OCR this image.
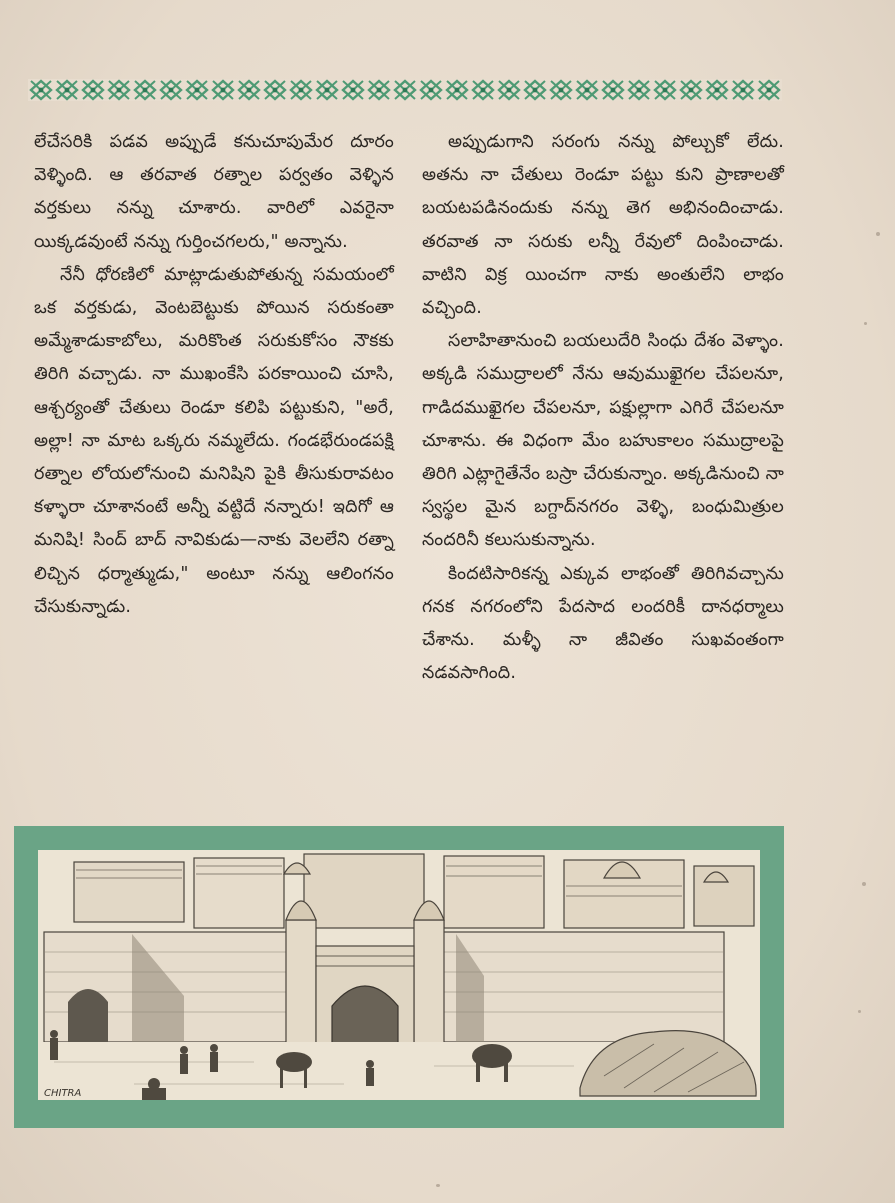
లేచేసరికి పడవ అప్పుడే కనుచూపుమేర దూరం వెళ్ళింది. ఆ తరవాత రత్నాల పర్వతం వెళ్ళిన వర్తకులు నన్ను చూశారు. వారిలో ఎవరైనా యిక్కడవుంటే నన్ను గుర్తించగలరు," అన్నాను.

నేనీ ధోరణిలో మాట్లాడుతుపోతున్న సమయంలో ఒక వర్తకుడు, వెంటబెట్టుకు పోయిన సరుకంతా అమ్మేశాడుకాబోలు, మరికొంత సరుకుకోసం నౌకకు తిరిగి వచ్చాడు. నా ముఖంకేసి పరకాయించి చూసి, ఆశ్చర్యంతో చేతులు రెండూ కలిపి పట్టుకుని, "అరే, అల్లా! నా మాట ఒక్కరు నమ్మలేదు. గండభేరుండపక్షి రత్నాల లోయలోనుంచి మనిషిని పైకి తీసుకురావటం కళ్ళారా చూశానంటే అన్నీ వట్టిదే నన్నారు! ఇదిగో ఆ మనిషి! సింద్ బాద్ నావికుడు—నాకు వెలలేని రత్నా లిచ్చిన ధర్మాత్ముడు," అంటూ నన్ను ఆలింగనం చేసుకున్నాడు.

అప్పుడుగాని సరంగు నన్ను పోల్చుకో లేదు. అతను నా చేతులు రెండూ పట్టు కుని ప్రాణాలతో బయటపడినందుకు నన్ను తెగ అభినందించాడు. తరవాత నా సరుకు లన్నీ రేవులో దింపించాడు. వాటిని విక్ర యించగా నాకు అంతులేని లాభం వచ్చింది.

సలాహితానుంచి బయలుదేరి సింధు దేశం వెళ్ళాం. అక్కడి సముద్రాలలో నేను ఆవుముఖైగల చేపలనూ, గాడిదముఖైగల చేపలనూ, పక్షుల్లాగా ఎగిరే చేపలనూ చూశాను. ఈ విధంగా మేం బహుకాలం సముద్రాలపై తిరిగి ఎట్లాగైతేనేం బస్రా చేరుకున్నాం. అక్కడినుంచి నా స్వస్థల మైన బగ్దాద్‌నగరం వెళ్ళి, బంధుమిత్రుల నందరినీ కలుసుకున్నాను.

కిందటిసారికన్న ఎక్కువ లాభంతో తిరిగివచ్చాను గనక నగరంలోని పేదసాద లందరికీ దానధర్మాలు చేశాను. మళ్ళీ నా జీవితం సుఖవంతంగా నడవసాగింది.

CHITRA
